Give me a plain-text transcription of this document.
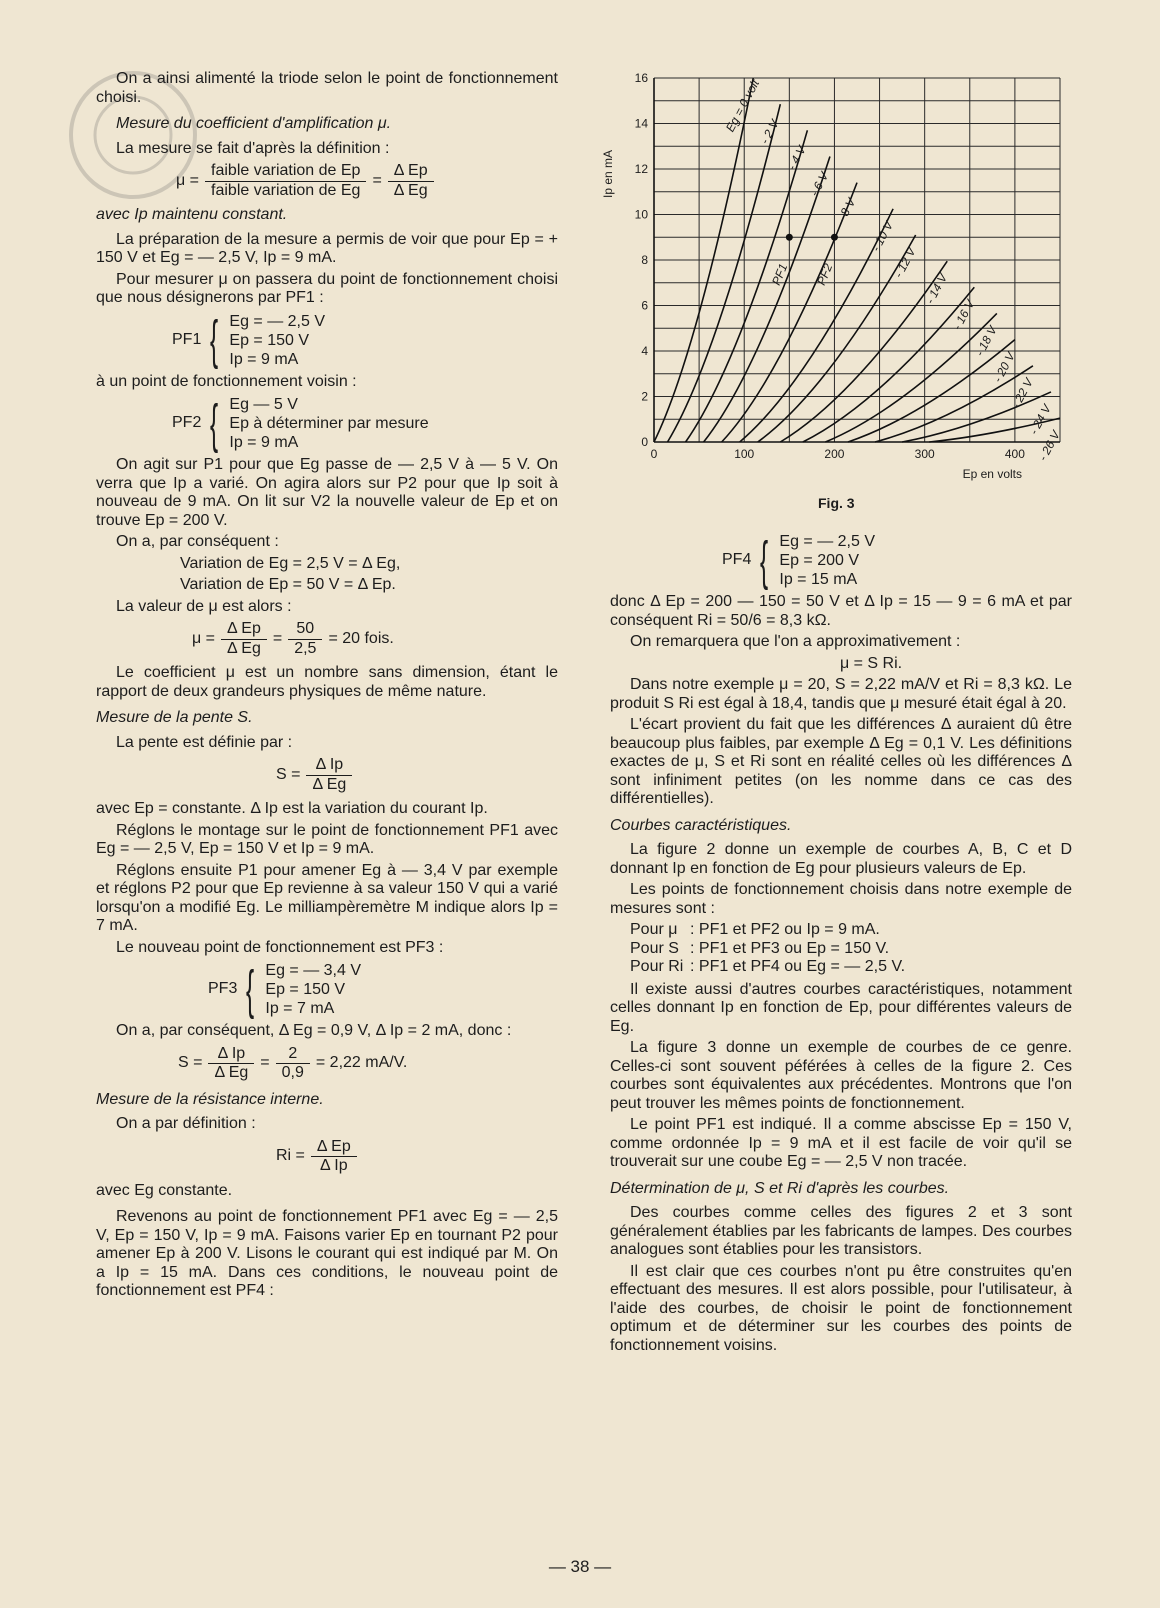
On a ainsi alimenté la triode selon le point de fonctionnement choisi.

Mesure du coefficient d'amplification μ.

La mesure se fait d'après la définition :

$\mu = \frac{\text{faible variation de Ep}}{\text{faible variation de Eg}} = \frac{\text{Δ Ep}}{\text{Δ Eg}}$

avec Ip maintenu constant.

La préparation de la mesure a permis de voir que pour Ep = + 150 V et Eg = — 2,5 V, Ip = 9 mA.

Pour mesurer μ on passera du point de fonctionnement choisi que nous désignerons par PF1 :

PF1 { Eg = — 2,5 V
Ep = 150 V
Ip = 9 mA

à un point de fonctionnement voisin :

PF2 { Eg — 5 V
Ep à déterminer par mesure
Ip = 9 mA

On agit sur P1 pour que Eg passe de — 2,5 V à — 5 V. On verra que Ip a varié. On agira alors sur P2 pour que Ip soit à nouveau de 9 mA. On lit sur V2 la nouvelle valeur de Ep et on trouve Ep = 200 V.

On a, par conséquent :

Variation de Eg = 2,5 V = Δ Eg,

Variation de Ep = 50 V = Δ Ep.

La valeur de μ est alors :

$\mu = \frac{\text{Δ Ep}}{\text{Δ Eg}} = \frac{50}{2,5} = 20$ fois.

Le coefficient μ est un nombre sans dimension, étant le rapport de deux grandeurs physiques de même nature.

Mesure de la pente S.

La pente est définie par :

$S = \frac{\text{Δ Ip}}{\text{Δ Eg}}$

avec Ep = constante. Δ Ip est la variation du courant Ip.

Réglons le montage sur le point de fonctionnement PF1 avec Eg = — 2,5 V, Ep = 150 V et Ip = 9 mA.

Réglons ensuite P1 pour amener Eg à — 3,4 V par exemple et réglons P2 pour que Ep revienne à sa valeur 150 V qui a varié lorsqu'on a modifié Eg. Le milliampèremètre M indique alors Ip = 7 mA.

Le nouveau point de fonctionnement est PF3 :

PF3 { Eg = — 3,4 V
Ep = 150 V
Ip = 7 mA

On a, par conséquent, Δ Eg = 0,9 V, Δ Ip = 2 mA, donc :

$S = \frac{\text{Δ Ip}}{\text{Δ Eg}} = \frac{2}{0,9} = 2,22$ mA/V.

Mesure de la résistance interne.

On a par définition :

$Ri = \frac{\text{Δ Ep}}{\text{Δ Ip}}$

avec Eg constante.

Revenons au point de fonctionnement PF1 avec Eg = — 2,5 V, Ep = 150 V, Ip = 9 mA. Faisons varier Ep en tournant P2 pour amener Ep à 200 V. Lisons le courant qui est indiqué par M. On a Ip = 15 mA. Dans ces conditions, le nouveau point de fonctionnement est PF4 :

0	100	200	300	400
0
2
4
6
8
10
12
14
16	Eg = 0 volt
- 2 V
- 4 V
- 6 V
- 8 V
- 10 V
- 12 V
- 14 V
- 16 V
- 18 V
- 20 V
- 22 V
- 24 V
- 26 V
PF1 PF2
Ip en mA
Ep en volts
Fig. 3
PF4 { Eg = — 2,5 V
Ep = 200 V
Ip = 15 mA

donc Δ Ep = 200 — 150 = 50 V et Δ Ip = 15 — 9 = 6 mA et par conséquent Ri = 50/6 = 8,3 kΩ.

On remarquera que l'on a approximativement :

μ = S Ri.

Dans notre exemple μ = 20, S = 2,22 mA/V et Ri = 8,3 kΩ. Le produit S Ri est égal à 18,4, tandis que μ mesuré était égal à 20.

L'écart provient du fait que les différences Δ auraient dû être beaucoup plus faibles, par exemple Δ Eg = 0,1 V. Les définitions exactes de μ, S et Ri sont en réalité celles où les différences Δ sont infiniment petites (on les nomme dans ce cas des différentielles).

Courbes caractéristiques.

La figure 2 donne un exemple de courbes A, B, C et D donnant Ip en fonction de Eg pour plusieurs valeurs de Ep.

Les points de fonctionnement choisis dans notre exemple de mesures sont :

Pour μ : PF1 et PF2 ou Ip = 9 mA.
Pour S : PF1 et PF3 ou Ep = 150 V.
Pour Ri : PF1 et PF4 ou Eg = — 2,5 V.

Il existe aussi d'autres courbes caractéristiques, notamment celles donnant Ip en fonction de Ep, pour différentes valeurs de Eg.

La figure 3 donne un exemple de courbes de ce genre. Celles-ci sont souvent péférées à celles de la figure 2. Ces courbes sont équivalentes aux précédentes. Montrons que l'on peut trouver les mêmes points de fonctionnement.

Le point PF1 est indiqué. Il a comme abscisse Ep = 150 V, comme ordonnée Ip = 9 mA et il est facile de voir qu'il se trouverait sur une coube Eg = — 2,5 V non tracée.

Détermination de μ, S et Ri d'après les courbes.

Des courbes comme celles des figures 2 et 3 sont généralement établies par les fabricants de lampes. Des courbes analogues sont établies pour les transistors.

Il est clair que ces courbes n'ont pu être construites qu'en effectuant des mesures. Il est alors possible, pour l'utilisateur, à l'aide des courbes, de choisir le point de fonctionnement optimum et de déterminer sur les courbes des points de fonctionnement voisins.

— 38 —
